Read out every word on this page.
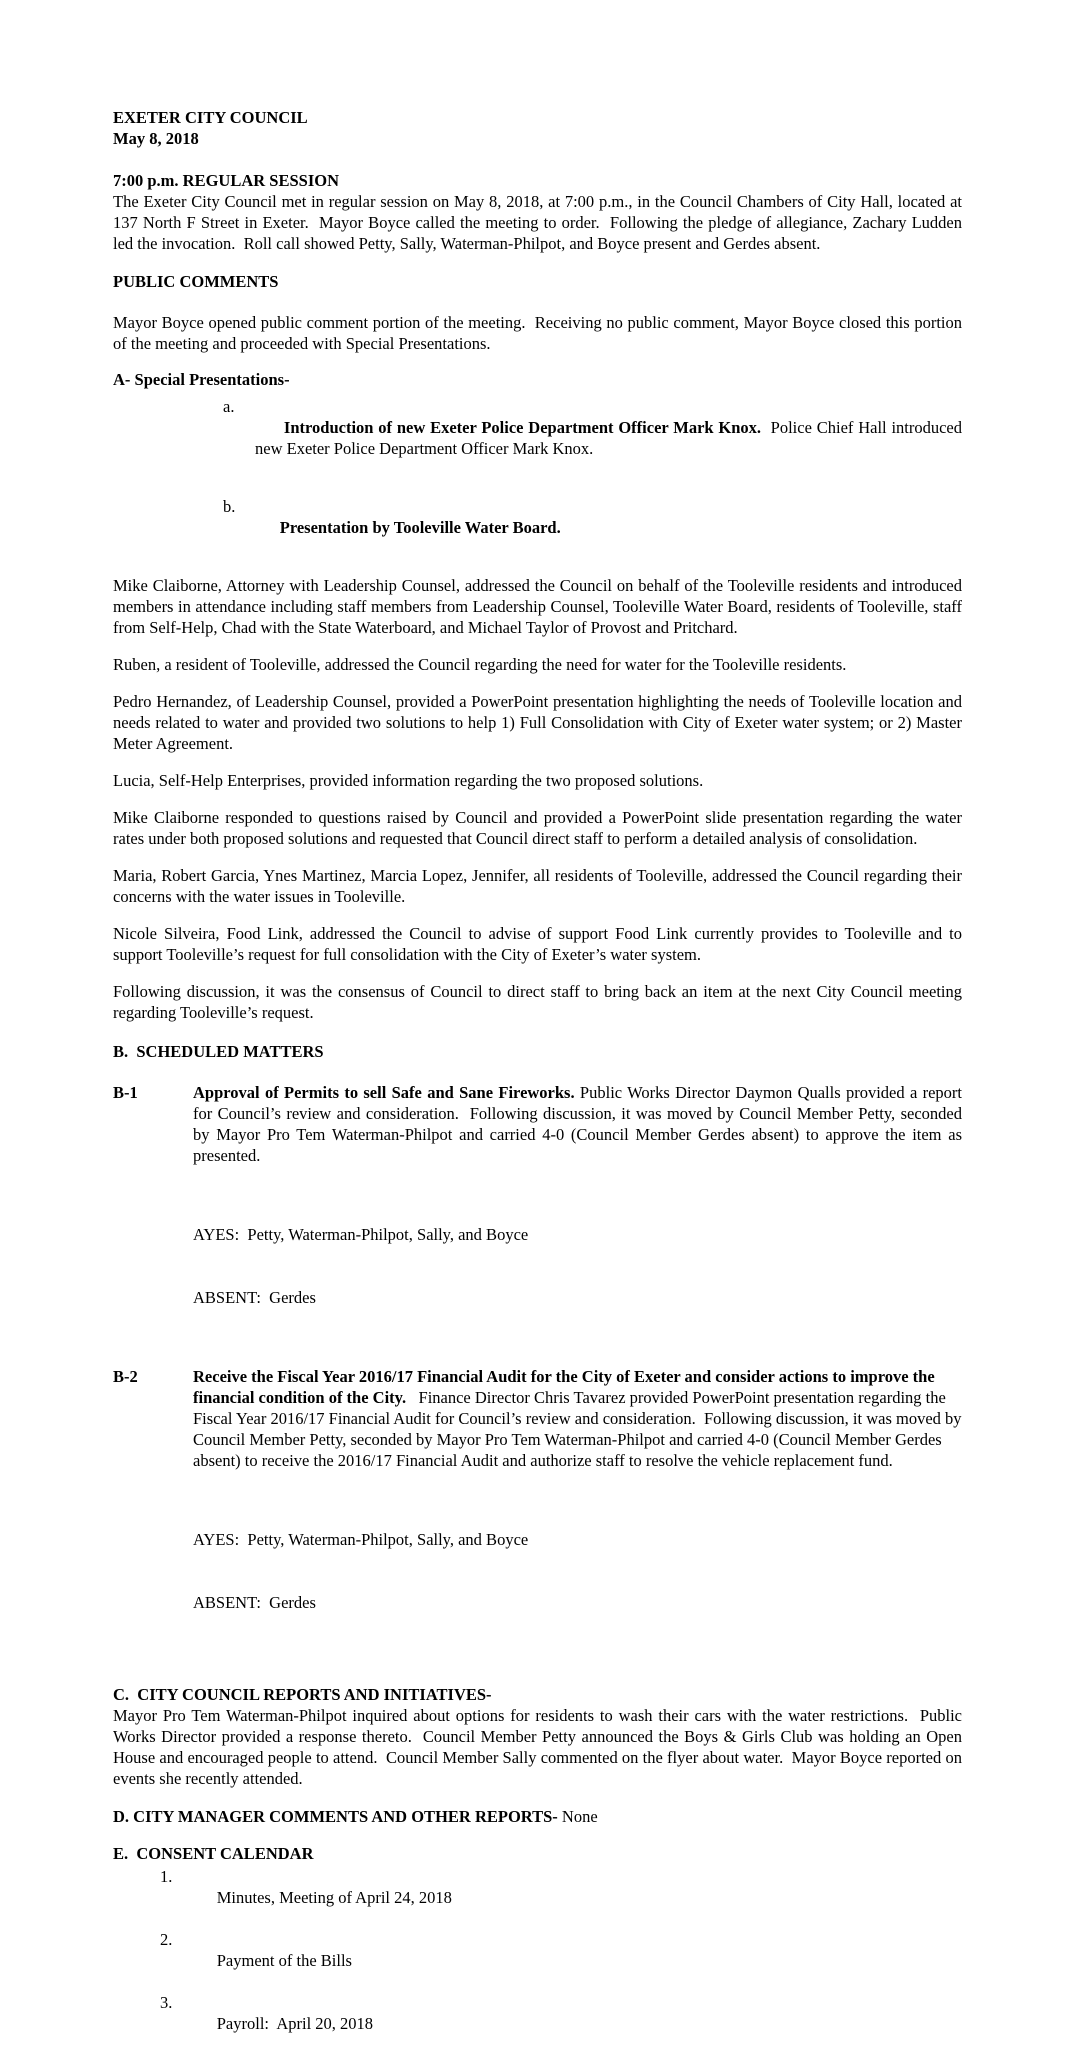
EXETER CITY COUNCIL
May 8, 2018
7:00 p.m. REGULAR SESSION

The Exeter City Council met in regular session on May 8, 2018, at 7:00 p.m., in the Council Chambers of City Hall, located at 137 North F Street in Exeter.  Mayor Boyce called the meeting to order.  Following the pledge of allegiance, Zachary Ludden led the invocation.  Roll call showed Petty, Sally, Waterman-Philpot, and Boyce present and Gerdes absent.

PUBLIC COMMENTS

Mayor Boyce opened public comment portion of the meeting.  Receiving no public comment, Mayor Boyce closed this portion of the meeting and proceeded with Special Presentations.

A- Special Presentations-

a.
Introduction of new Exeter Police Department Officer Mark Knox.  Police Chief Hall introduced new Exeter Police Department Officer Mark Knox.

b.
Presentation by Tooleville Water Board.

Mike Claiborne, Attorney with Leadership Counsel, addressed the Council on behalf of the Tooleville residents and introduced members in attendance including staff members from Leadership Counsel, Tooleville Water Board, residents of Tooleville, staff from Self-Help, Chad with the State Waterboard, and Michael Taylor of Provost and Pritchard.

Ruben, a resident of Tooleville, addressed the Council regarding the need for water for the Tooleville residents.

Pedro Hernandez, of Leadership Counsel, provided a PowerPoint presentation highlighting the needs of Tooleville location and needs related to water and provided two solutions to help 1) Full Consolidation with City of Exeter water system; or 2) Master Meter Agreement.

Lucia, Self-Help Enterprises, provided information regarding the two proposed solutions.

Mike Claiborne responded to questions raised by Council and provided a PowerPoint slide presentation regarding the water rates under both proposed solutions and requested that Council direct staff to perform a detailed analysis of consolidation.

Maria, Robert Garcia, Ynes Martinez, Marcia Lopez, Jennifer, all residents of Tooleville, addressed the Council regarding their concerns with the water issues in Tooleville.

Nicole Silveira, Food Link, addressed the Council to advise of support Food Link currently provides to Tooleville and to support Tooleville’s request for full consolidation with the City of Exeter’s water system.

Following discussion, it was the consensus of Council to direct staff to bring back an item at the next City Council meeting regarding Tooleville’s request.

B.  SCHEDULED MATTERS
B-1	Approval of Permits to sell Safe and Sane Fireworks. Public Works Director Daymon Qualls provided a report for Council’s review and consideration.  Following discussion, it was moved by Council Member Petty, seconded by Mayor Pro Tem Waterman-Philpot and carried 4-0 (Council Member Gerdes absent) to approve the item as presented.

AYES:  Petty, Waterman-Philpot, Sally, and Boyce

ABSENT:  Gerdes

B-2	Receive the Fiscal Year 2016/17 Financial Audit for the City of Exeter and consider actions to improve the financial condition of the City.   Finance Director Chris Tavarez provided PowerPoint presentation regarding the Fiscal Year 2016/17 Financial Audit for Council’s review and consideration.  Following discussion, it was moved by Council Member Petty, seconded by Mayor Pro Tem Waterman-Philpot and carried 4-0 (Council Member Gerdes absent) to receive the 2016/17 Financial Audit and authorize staff to resolve the vehicle replacement fund.

AYES:  Petty, Waterman-Philpot, Sally, and Boyce

ABSENT:  Gerdes

C.  CITY COUNCIL REPORTS AND INITIATIVES-

Mayor Pro Tem Waterman-Philpot inquired about options for residents to wash their cars with the water restrictions.  Public Works Director provided a response thereto.  Council Member Petty announced the Boys & Girls Club was holding an Open House and encouraged people to attend.  Council Member Sally commented on the flyer about water.  Mayor Boyce reported on events she recently attended.

D. CITY MANAGER COMMENTS AND OTHER REPORTS- None
E.  CONSENT CALENDAR

1.
Minutes, Meeting of April 24, 2018

2.
Payment of the Bills

3.
Payroll:  April 20, 2018
